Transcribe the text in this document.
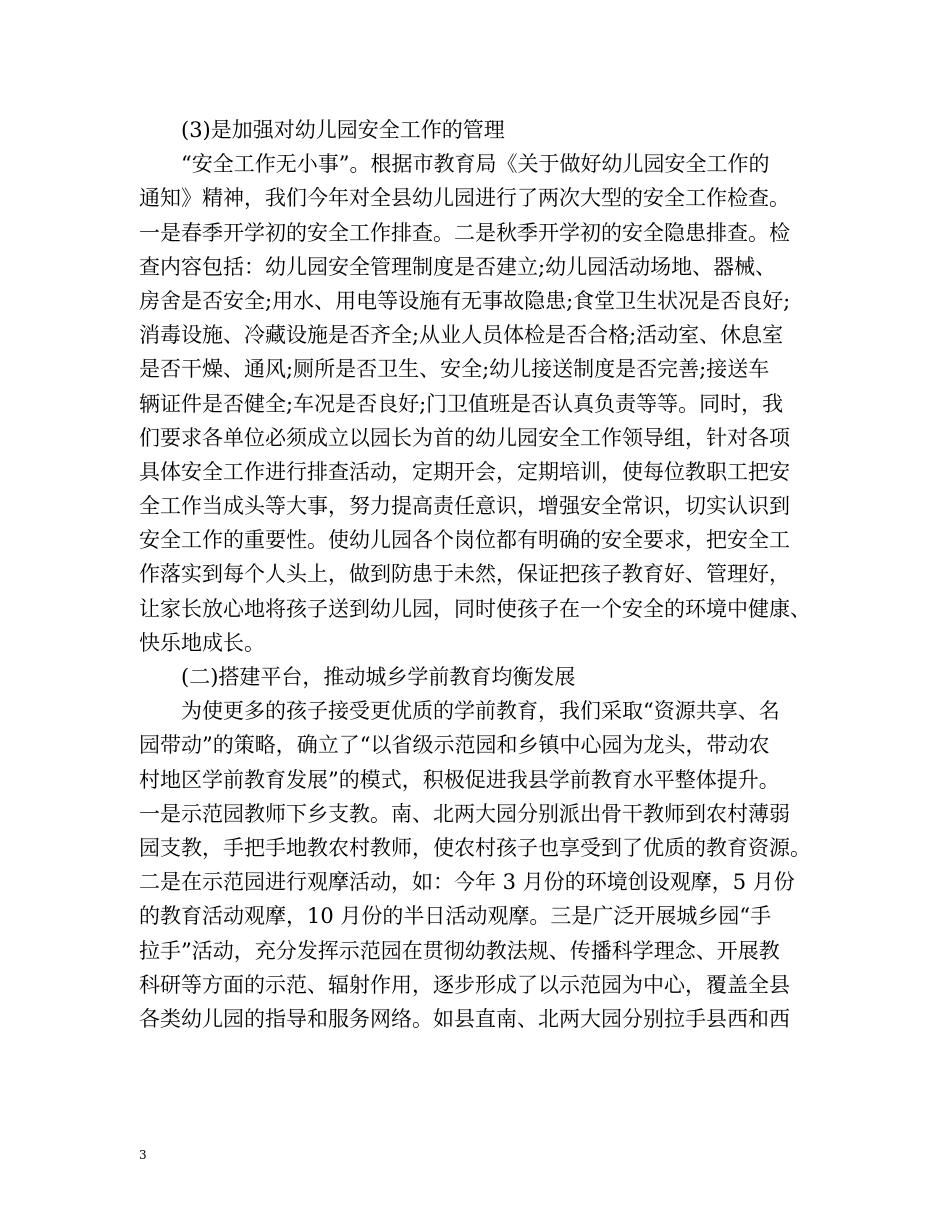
(3)是加强对幼儿园安全工作的管理
“安全工作无小事”。根据市教育局《关于做好幼儿园安全工作的
通知》精神，我们今年对全县幼儿园进行了两次大型的安全工作检查。
一是春季开学初的安全工作排查。二是秋季开学初的安全隐患排查。检
查内容包括：幼儿园安全管理制度是否建立;幼儿园活动场地、器械、
房舍是否安全;用水、用电等设施有无事故隐患;食堂卫生状况是否良好;
消毒设施、冷藏设施是否齐全;从业人员体检是否合格;活动室、休息室
是否干燥、通风;厕所是否卫生、安全;幼儿接送制度是否完善;接送车
辆证件是否健全;车况是否良好;门卫值班是否认真负责等等。同时，我
们要求各单位必须成立以园长为首的幼儿园安全工作领导组，针对各项
具体安全工作进行排查活动，定期开会，定期培训，使每位教职工把安
全工作当成头等大事，努力提高责任意识，增强安全常识，切实认识到
安全工作的重要性。使幼儿园各个岗位都有明确的安全要求，把安全工
作落实到每个人头上，做到防患于未然，保证把孩子教育好、管理好，
让家长放心地将孩子送到幼儿园，同时使孩子在一个安全的环境中健康、
快乐地成长。
(二)搭建平台，推动城乡学前教育均衡发展
为使更多的孩子接受更优质的学前教育，我们采取“资源共享、名
园带动”的策略，确立了“以省级示范园和乡镇中心园为龙头，带动农
村地区学前教育发展”的模式，积极促进我县学前教育水平整体提升。
一是示范园教师下乡支教。南、北两大园分别派出骨干教师到农村薄弱
园支教，手把手地教农村教师，使农村孩子也享受到了优质的教育资源。
二是在示范园进行观摩活动，如：今年 3 月份的环境创设观摩，5 月份
的教育活动观摩，10 月份的半日活动观摩。三是广泛开展城乡园“手
拉手”活动，充分发挥示范园在贯彻幼教法规、传播科学理念、开展教
科研等方面的示范、辐射作用，逐步形成了以示范园为中心，覆盖全县
各类幼儿园的指导和服务网络。如县直南、北两大园分别拉手县西和西
3
